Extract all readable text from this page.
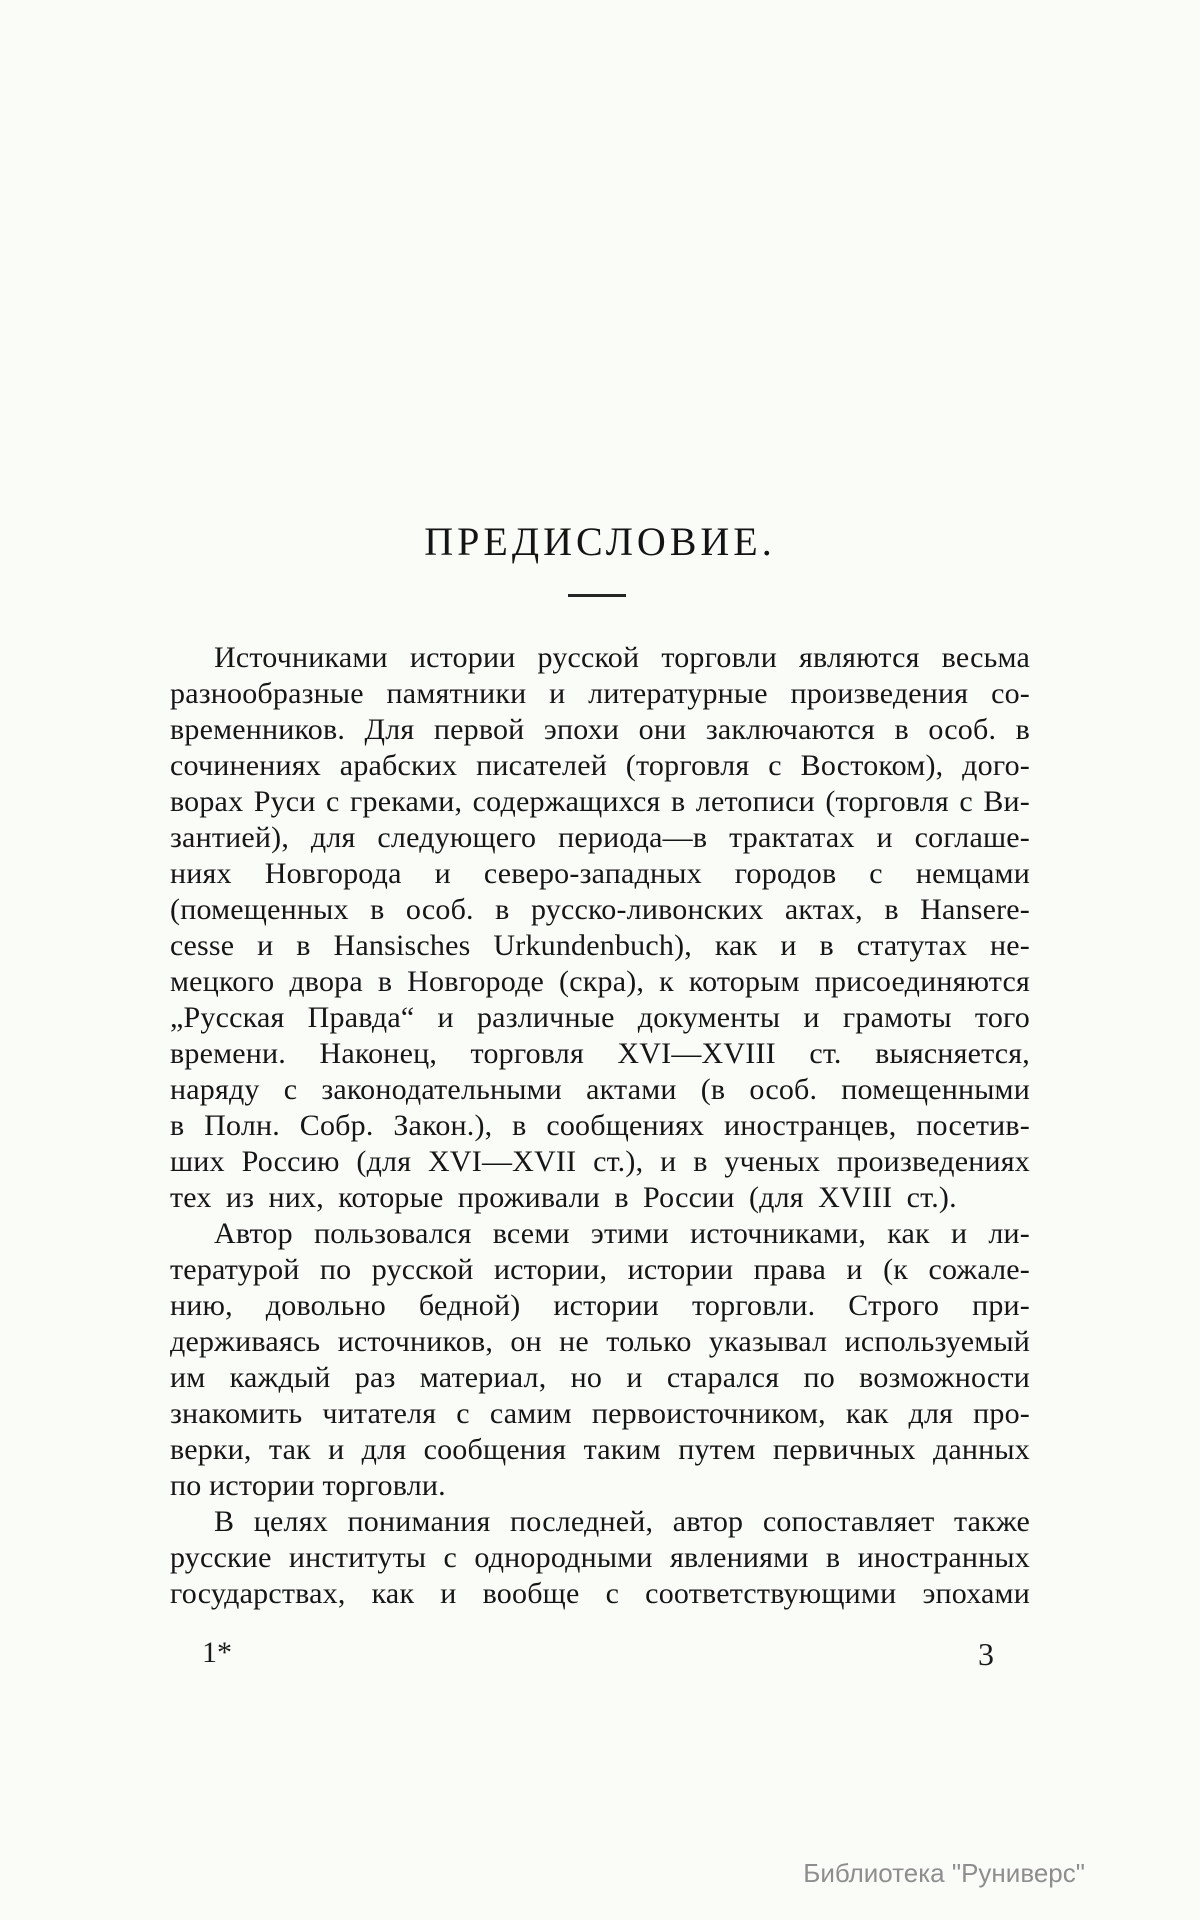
ПРЕДИСЛОВИЕ.
Источниками истории русской торговли являются весьма
разнообразные памятники и литературные произведения со-
временников. Для первой эпохи они заключаются в особ. в
сочинениях арабских писателей (торговля с Востоком), дого-
ворах Руси с греками, содержащихся в летописи (торговля с Ви-
зантией), для следующего периода—в трактатах и соглаше-
ниях Новгорода и северо-западных городов с немцами
(помещенных в особ. в русско-ливонских актах, в Hansere-
cesse и в Hansisches Urkundenbuch), как и в статутах не-
мецкого двора в Новгороде (скра), к которым присоединяются
„Русская Правда“ и различные документы и грамоты того
времени. Наконец, торговля XVI—XVIII ст. выясняется,
наряду с законодательными актами (в особ. помещенными
в Полн. Собр. Закон.), в сообщениях иностранцев, посетив-
ших Россию (для XVI—XVII ст.), и в ученых произведениях
тех из них, которые проживали в России (для XVIII ст.).
Автор пользовался всеми этими источниками, как и ли-
тературой по русской истории, истории права и (к сожале-
нию, довольно бедной) истории торговли. Строго при-
держиваясь источников, он не только указывал используемый
им каждый раз материал, но и старался по возможности
знакомить читателя с самим первоисточником, как для про-
верки, так и для сообщения таким путем первичных данных
по истории торговли.
В целях понимания последней, автор сопоставляет также
русские институты с однородными явлениями в иностранных
государствах, как и вообще с соответствующими эпохами
1*	3
Библиотека "Руниверс"
